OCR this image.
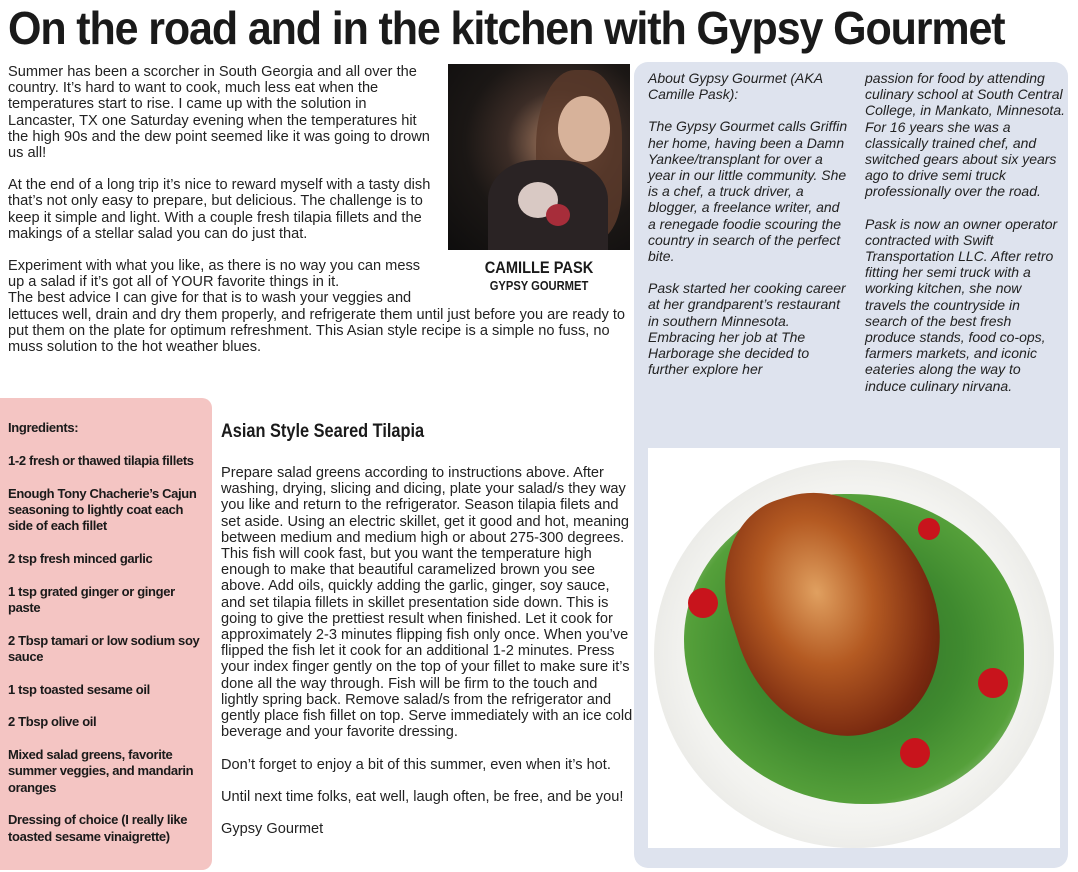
On the road and in the kitchen with Gypsy Gourmet
CAMILLE PASK
GYPSY GOURMET

Summer has been a scorcher in South Georgia and all over the country. It’s hard to want to cook, much less eat when the temperatures start to rise. I came up with the solution in Lancaster, TX one Saturday evening when the temperatures hit the high 90s and the dew point seemed like it was going to drown us all!

At the end of a long trip it’s nice to reward myself with a tasty dish that’s not only easy to prepare, but delicious. The challenge is to keep it simple and light. With a couple fresh tilapia fillets and the makings of a stellar salad you can do just that.

Experiment with what you like, as there is no way you can mess up a salad if it’s got all of YOUR favorite things in it.

The best advice I can give for that is to wash your veggies and lettuces well, drain and dry them properly, and refrigerate them until just before you are ready to put them on the plate for optimum refreshment. This Asian style recipe is a simple no fuss, no muss solution to the hot weather blues.

About Gypsy Gourmet (AKA Camille Pask):

The Gypsy Gourmet calls Griffin her home, having been a Damn Yankee/transplant for over a year in our little community. She is a chef, a truck driver, a blogger, a freelance writer, and a renegade foodie scouring the country in search of the perfect bite.

Pask started her cooking career at her grandparent’s restaurant in southern Minnesota. Embracing her job at The Harborage she decided to further explore her

passion for food by attending culinary school at South Central College, in Mankato, Minnesota. For 16 years she was a classically trained chef, and switched gears about six years ago to drive semi truck professionally over the road.

Pask is now an owner operator contracted with Swift Transportation LLC. After retro fitting her semi truck with a working kitchen, she now travels the countryside in search of the best fresh produce stands, food co-ops, farmers markets, and iconic eateries along the way to induce culinary nirvana.

Ingredients:
1-2 fresh or thawed tilapia fillets
Enough Tony Chacherie’s Cajun seasoning to lightly coat each side of each fillet
2 tsp fresh minced garlic
1 tsp grated ginger or ginger paste
2 Tbsp tamari or low sodium soy sauce
1 tsp toasted sesame oil
2 Tbsp olive oil
Mixed salad greens, favorite summer veggies, and mandarin oranges
Dressing of choice (I really like toasted sesame vinaigrette)
Asian Style Seared Tilapia

Prepare salad greens according to instructions above. After washing, drying, slicing and dicing, plate your salad/s they way you like and return to the refrigerator. Season tilapia filets and set aside. Using an electric skillet, get it good and hot, meaning between medium and medium high or about 275-300 degrees. This fish will cook fast, but you want the temperature high enough to make that beautiful caramelized brown you see above. Add oils, quickly adding the garlic, ginger, soy sauce, and set tilapia fillets in skillet presentation side down. This is going to give the prettiest result when finished. Let it cook for approximately 2-3 minutes flipping fish only once. When you’ve flipped the fish let it cook for an additional 1-2 minutes. Press your index finger gently on the top of your fillet to make sure it’s done all the way through. Fish will be firm to the touch and lightly spring back. Remove salad/s from the refrigerator and gently place fish fillet on top. Serve immediately with an ice cold beverage and your favorite dressing.

Don’t forget to enjoy a bit of this summer, even when it’s hot.

Until next time folks, eat well, laugh often, be free, and be you!

Gypsy Gourmet
